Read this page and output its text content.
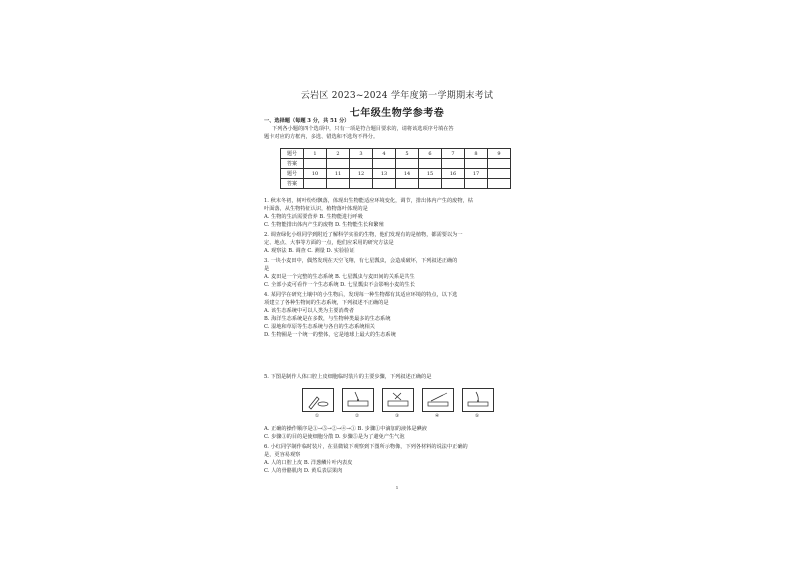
云岩区 2023~2024 学年度第一学期期末考试
七年级生物学参考卷
一、选择题（每题 3 分，共 51 分）
下列各小题的四个选项中，只有一项是符合题目要求的，请将该选项序号填在答
题卡对应的方框内，多选、错选和不选均不得分。
题号	1	2	3	4	5	6	7	8	9
答案									
题号	10	11	12	13	14	15	16	17	
答案									
1. 秋末冬初，树叶纷纷飘落，体现出生物能适应环境变化，调节，排出体内产生的废物，枯
叶面落，从生物特征认识，植物落叶体现的是
A. 生物的生活需要营养 B. 生物能进行呼吸
C. 生物能排出体内产生的废物 D. 生物能生长和繁殖
2. 调查绿化小组同学到附近了解科学实验的生物，他们发现有的是植物，都需要以为一
定、地点、大事等方面的一点，他们应采用的研究方法是
A. 观察法 B. 调查 C. 测量 D. 实验验证
3. 一块小麦田中，偶然发现在天空飞翔，有七星瓢虫，会造成破坏，下列叙述正确的
是
A. 麦田是一个完整的生态系统 B. 七星瓢虫与麦田间的关系是共生
C. 全部小麦可看作一个生态系统 D. 七星瓢虫不会影响小麦的生长
4. 某同学在研究土壤中的小生物后，发现每一种生物都有其适应环境的特点，以下选
项建立了各种生物间的生态系统，下列叙述不正确的是
A. 该生态系统中可以人类为主要消费者
B. 海洋生态系统是在多数，与生物种类最多的生态系统
C. 湿地和草原等生态系统与各自的生态系统相关
D. 生物圈是一个统一的整体，它是地球上最大的生态系统
5. 下图是制作人体口腔上皮细胞临时装片的主要步骤，下列叙述正确的是
①	②	③	④	⑤
A. 正确的操作顺序是③→⑤→②→④→① B. 步骤①中滴加的液体是碘液
C. 步骤③的目的是使细胞分散 D. 步骤⑤是为了避免产生气泡
6. 小红同学制作临时装片，在显微镜下观察到下图所示物像，下列各材料的说法中正确的
是，更容易观察
A. 人的口腔上皮 B. 洋葱鳞片叶内表皮
C. 人的骨骼肌肉 D. 黄瓜表层果肉
1
